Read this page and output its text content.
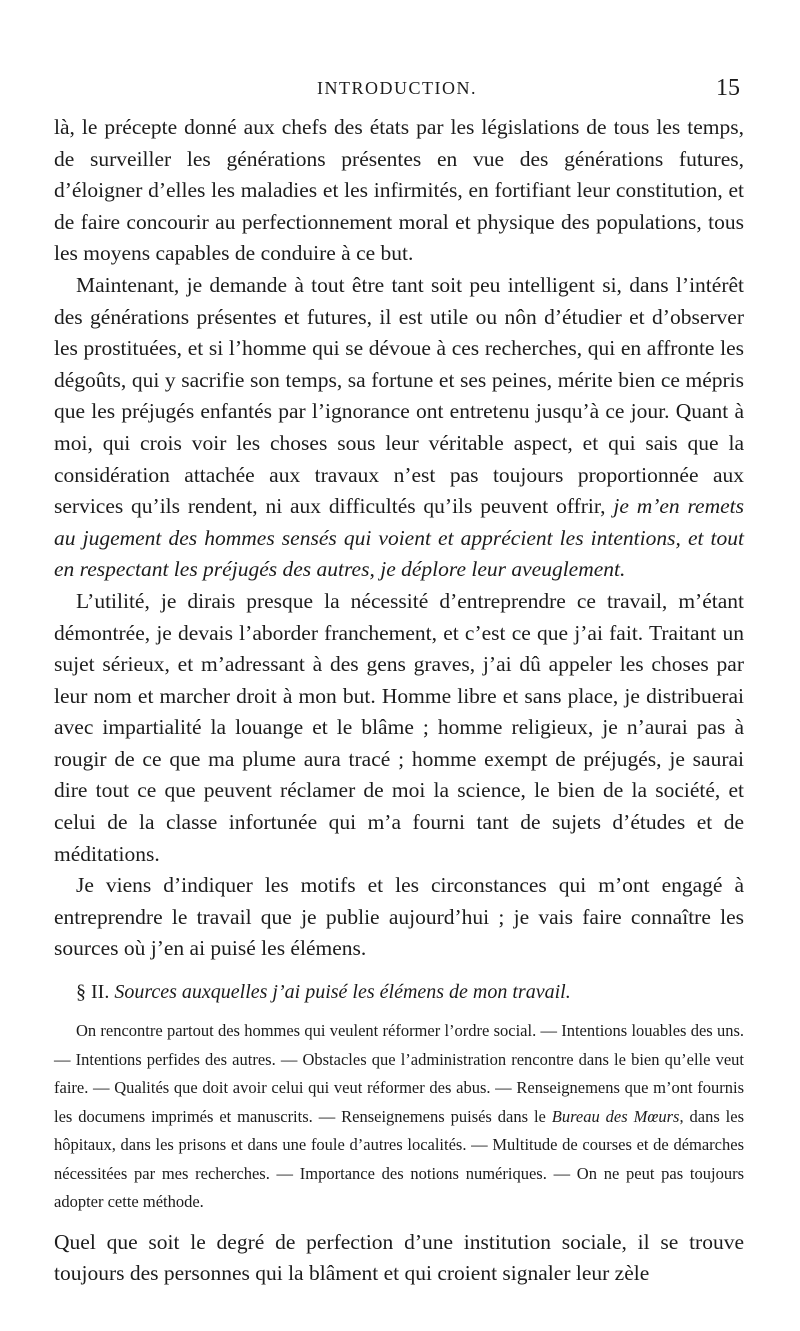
INTRODUCTION.	15

là, le précepte donné aux chefs des états par les législations de tous les temps, de surveiller les générations présentes en vue des générations futures, d’éloigner d’elles les maladies et les infirmités, en fortifiant leur constitution, et de faire concourir au perfectionnement moral et physique des populations, tous les moyens capables de conduire à ce but.

Maintenant, je demande à tout être tant soit peu intelligent si, dans l’intérêt des générations présentes et futures, il est utile ou nôn d’étudier et d’observer les prostituées, et si l’homme qui se dévoue à ces recherches, qui en affronte les dégoûts, qui y sacrifie son temps, sa fortune et ses peines, mérite bien ce mépris que les préjugés enfantés par l’ignorance ont entretenu jusqu’à ce jour. Quant à moi, qui crois voir les choses sous leur véritable aspect, et qui sais que la considération attachée aux travaux n’est pas toujours proportionnée aux services qu’ils rendent, ni aux difficultés qu’ils peuvent offrir, je m’en remets au jugement des hommes sensés qui voient et apprécient les intentions, et tout en respectant les préjugés des autres, je déplore leur aveuglement.

L’utilité, je dirais presque la nécessité d’entreprendre ce travail, m’étant démontrée, je devais l’aborder franchement, et c’est ce que j’ai fait. Traitant un sujet sérieux, et m’adressant à des gens graves, j’ai dû appeler les choses par leur nom et marcher droit à mon but. Homme libre et sans place, je distribuerai avec impartialité la louange et le blâme ; homme religieux, je n’aurai pas à rougir de ce que ma plume aura tracé ; homme exempt de préjugés, je saurai dire tout ce que peuvent réclamer de moi la science, le bien de la société, et celui de la classe infortunée qui m’a fourni tant de sujets d’études et de méditations.

Je viens d’indiquer les motifs et les circonstances qui m’ont engagé à entreprendre le travail que je publie aujourd’hui ; je vais faire connaître les sources où j’en ai puisé les élémens.

§ II. Sources auxquelles j’ai puisé les élémens de mon travail.

On rencontre partout des hommes qui veulent réformer l’ordre social. — Intentions louables des uns. — Intentions perfides des autres. — Obstacles que l’administration rencontre dans le bien qu’elle veut faire. — Qualités que doit avoir celui qui veut réformer des abus. — Renseignemens que m’ont fournis les documens imprimés et manuscrits. — Renseignemens puisés dans le Bureau des Mœurs, dans les hôpitaux, dans les prisons et dans une foule d’autres localités. — Multitude de courses et de démarches nécessitées par mes recherches. — Importance des notions numériques. — On ne peut pas toujours adopter cette méthode.

Quel que soit le degré de perfection d’une institution sociale, il se trouve toujours des personnes qui la blâment et qui croient signaler leur zèle
